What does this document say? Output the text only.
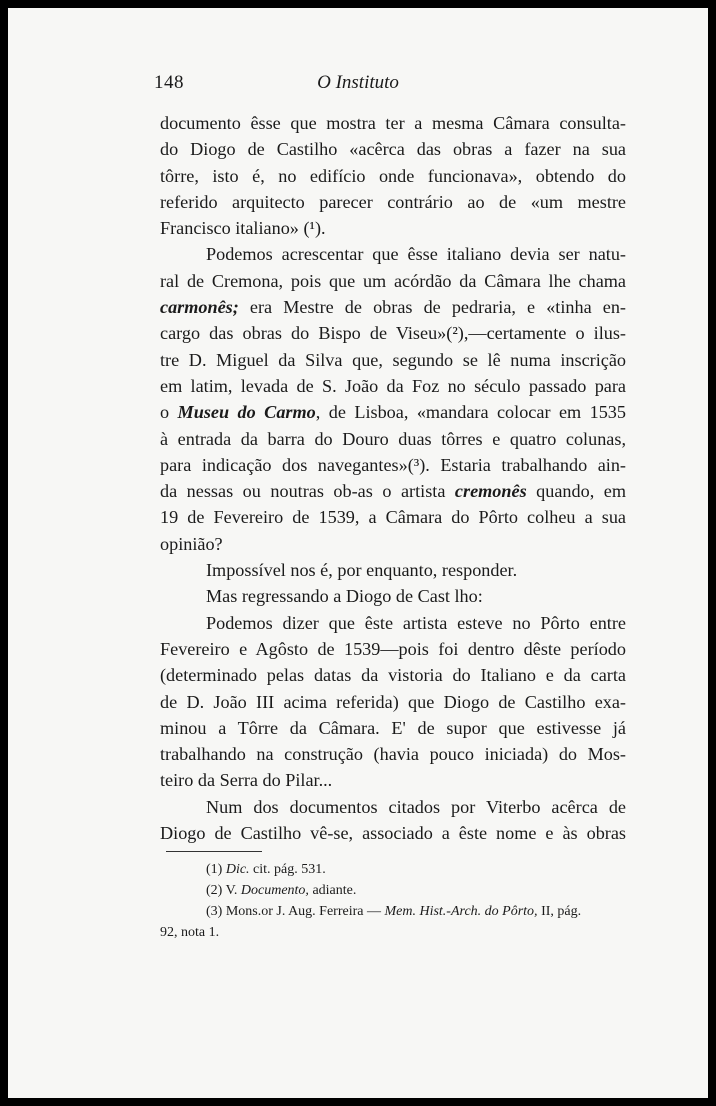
148	O Instituto
documento êsse que mostra ter a mesma Câmara consulta-
do Diogo de Castilho «acêrca das obras a fazer na sua
tôrre, isto é, no edifício onde funcionava», obtendo do
referido arquitecto parecer contrário ao de «um mestre
Francisco italiano» (¹).
Podemos acrescentar que êsse italiano devia ser natu-
ral de Cremona, pois que um acórdão da Câmara lhe chama
carmonês; era Mestre de obras de pedraria, e «tinha en-
cargo das obras do Bispo de Viseu»(²),—certamente o ilus-
tre D. Miguel da Silva que, segundo se lê numa inscrição
em latim, levada de S. João da Foz no século passado para
o Museu do Carmo, de Lisboa, «mandara colocar em 1535
à entrada da barra do Douro duas tôrres e quatro colunas,
para indicação dos navegantes»(³). Estaria trabalhando ain-
da nessas ou noutras ob-as o artista cremonês quando, em
19 de Fevereiro de 1539, a Câmara do Pôrto colheu a sua
opinião?
Impossível nos é, por enquanto, responder.
Mas regressando a Diogo de Cast lho:
Podemos dizer que êste artista esteve no Pôrto entre
Fevereiro e Agôsto de 1539—pois foi dentro dêste período
(determinado pelas datas da vistoria do Italiano e da carta
de D. João III acima referida) que Diogo de Castilho exa-
minou a Tôrre da Câmara. E' de supor que estivesse já
trabalhando na construção (havia pouco iniciada) do Mos-
teiro da Serra do Pilar...
Num dos documentos citados por Viterbo acêrca de
Diogo de Castilho vê-se, associado a êste nome e às obras
(1) Dic. cit. pág. 531.
(2) V. Documento, adiante.
(3) Mons.or J. Aug. Ferreira — Mem. Hist.-Arch. do Pôrto, II, pág.
92, nota 1.
